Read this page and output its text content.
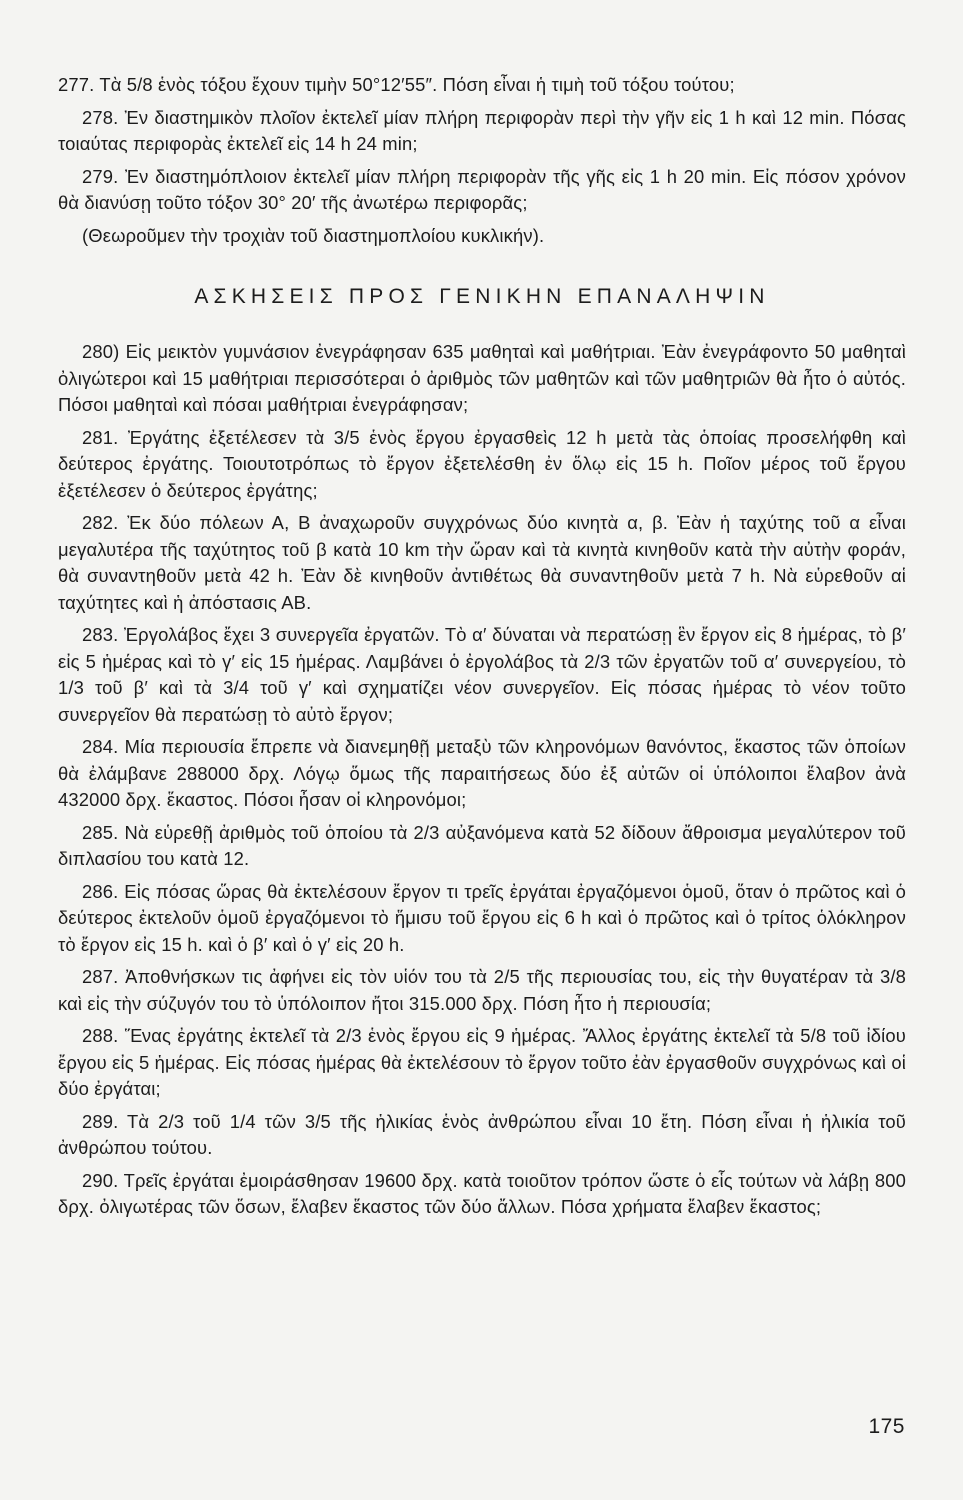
277. Τὰ 5/8 ἑνὸς τόξου ἔχουν τιμὴν 50°12′55″. Πόση εἶναι ἡ τιμὴ τοῦ τόξου τούτου;

278. Ἐν διαστημικὸν πλοῖον ἐκτελεῖ μίαν πλήρη περιφορὰν περὶ τὴν γῆν εἰς 1 h καὶ 12 min. Πόσας τοιαύτας περιφορὰς ἐκτελεῖ εἰς 14 h 24 min;

279. Ἐν διαστημόπλοιον ἐκτελεῖ μίαν πλήρη περιφορὰν τῆς γῆς εἰς 1 h 20 min. Εἰς πόσον χρόνον θὰ διανύσῃ τοῦτο τόξον 30° 20′ τῆς ἀνωτέρω περιφορᾶς;

(Θεωροῦμεν τὴν τροχιὰν τοῦ διαστημοπλοίου κυκλικήν).

ΑΣΚΗΣΕΙΣ ΠΡΟΣ ΓΕΝΙΚΗΝ ΕΠΑΝΑΛΗΨΙΝ

280) Εἰς μεικτὸν γυμνάσιον ἐνεγράφησαν 635 μαθηταὶ καὶ μαθήτριαι. Ἐὰν ἐνεγράφοντο 50 μαθηταὶ ὀλιγώτεροι καὶ 15 μαθήτριαι περισσότεραι ὁ ἀριθμὸς τῶν μαθητῶν καὶ τῶν μαθητριῶν θὰ ἦτο ὁ αὐτός. Πόσοι μαθηταὶ καὶ πόσαι μαθήτριαι ἐνεγράφησαν;

281. Ἐργάτης ἐξετέλεσεν τὰ 3/5 ἑνὸς ἔργου ἐργασθεὶς 12 h μετὰ τὰς ὁποίας προσελήφθη καὶ δεύτερος ἐργάτης. Τοιουτοτρόπως τὸ ἔργον ἐξετελέσθη ἐν ὅλῳ εἰς 15 h. Ποῖον μέρος τοῦ ἔργου ἐξετέλεσεν ὁ δεύτερος ἐργάτης;

282. Ἐκ δύο πόλεων Α, Β ἀναχωροῦν συγχρόνως δύο κινητὰ α, β. Ἐὰν ἡ ταχύτης τοῦ α εἶναι μεγαλυτέρα τῆς ταχύτητος τοῦ β κατὰ 10 km τὴν ὥραν καὶ τὰ κινητὰ κινηθοῦν κατὰ τὴν αὐτὴν φοράν, θὰ συναντηθοῦν μετὰ 42 h. Ἐὰν δὲ κινηθοῦν ἀντιθέτως θὰ συναντηθοῦν μετὰ 7 h. Νὰ εὑρεθοῦν αἱ ταχύτητες καὶ ἡ ἀπόστασις ΑΒ.

283. Ἐργολάβος ἔχει 3 συνεργεῖα ἐργατῶν. Τὸ α′ δύναται νὰ περατώσῃ ἓν ἔργον εἰς 8 ἡμέρας, τὸ β′ εἰς 5 ἡμέρας καὶ τὸ γ′ εἰς 15 ἡμέρας. Λαμβάνει ὁ ἐργολάβος τὰ 2/3 τῶν ἐργατῶν τοῦ α′ συνεργείου, τὸ 1/3 τοῦ β′ καὶ τὰ 3/4 τοῦ γ′ καὶ σχηματίζει νέον συνεργεῖον. Εἰς πόσας ἡμέρας τὸ νέον τοῦτο συνεργεῖον θὰ περατώσῃ τὸ αὐτὸ ἔργον;

284. Μία περιουσία ἔπρεπε νὰ διανεμηθῇ μεταξὺ τῶν κληρονόμων θανόντος, ἕκαστος τῶν ὁποίων θὰ ἐλάμβανε 288000 δρχ. Λόγῳ ὅμως τῆς παραιτήσεως δύο ἐξ αὐτῶν οἱ ὑπόλοιποι ἔλαβον ἀνὰ 432000 δρχ. ἕκαστος. Πόσοι ἦσαν οἱ κληρονόμοι;

285. Νὰ εὑρεθῇ ἀριθμὸς τοῦ ὁποίου τὰ 2/3 αὐξανόμενα κατὰ 52 δίδουν ἄθροισμα μεγαλύτερον τοῦ διπλασίου του κατὰ 12.

286. Εἰς πόσας ὥρας θὰ ἐκτελέσουν ἔργον τι τρεῖς ἐργάται ἐργαζόμενοι ὁμοῦ, ὅταν ὁ πρῶτος καὶ ὁ δεύτερος ἐκτελοῦν ὁμοῦ ἐργαζόμενοι τὸ ἥμισυ τοῦ ἔργου εἰς 6 h καὶ ὁ πρῶτος καὶ ὁ τρίτος ὁλόκληρον τὸ ἔργον εἰς 15 h. καὶ ὁ β′ καὶ ὁ γ′ εἰς 20 h.

287. Ἀποθνήσκων τις ἀφήνει εἰς τὸν υἱόν του τὰ 2/5 τῆς περιουσίας του, εἰς τὴν θυγατέραν τὰ 3/8 καὶ εἰς τὴν σύζυγόν του τὸ ὑπόλοιπον ἤτοι 315.000 δρχ. Πόση ἦτο ἡ περιουσία;

288. Ἕνας ἐργάτης ἐκτελεῖ τὰ 2/3 ἑνὸς ἔργου εἰς 9 ἡμέρας. Ἄλλος ἐργάτης ἐκτελεῖ τὰ 5/8 τοῦ ἰδίου ἔργου εἰς 5 ἡμέρας. Εἰς πόσας ἡμέρας θὰ ἐκτελέσουν τὸ ἔργον τοῦτο ἐὰν ἐργασθοῦν συγχρόνως καὶ οἱ δύο ἐργάται;

289. Τὰ 2/3 τοῦ 1/4 τῶν 3/5 τῆς ἡλικίας ἑνὸς ἀνθρώπου εἶναι 10 ἔτη. Πόση εἶναι ἡ ἡλικία τοῦ ἀνθρώπου τούτου.

290. Τρεῖς ἐργάται ἐμοιράσθησαν 19600 δρχ. κατὰ τοιοῦτον τρόπον ὥστε ὁ εἷς τούτων νὰ λάβῃ 800 δρχ. ὀλιγωτέρας τῶν ὅσων, ἔλαβεν ἕκαστος τῶν δύο ἄλλων. Πόσα χρήματα ἔλαβεν ἕκαστος;

175
